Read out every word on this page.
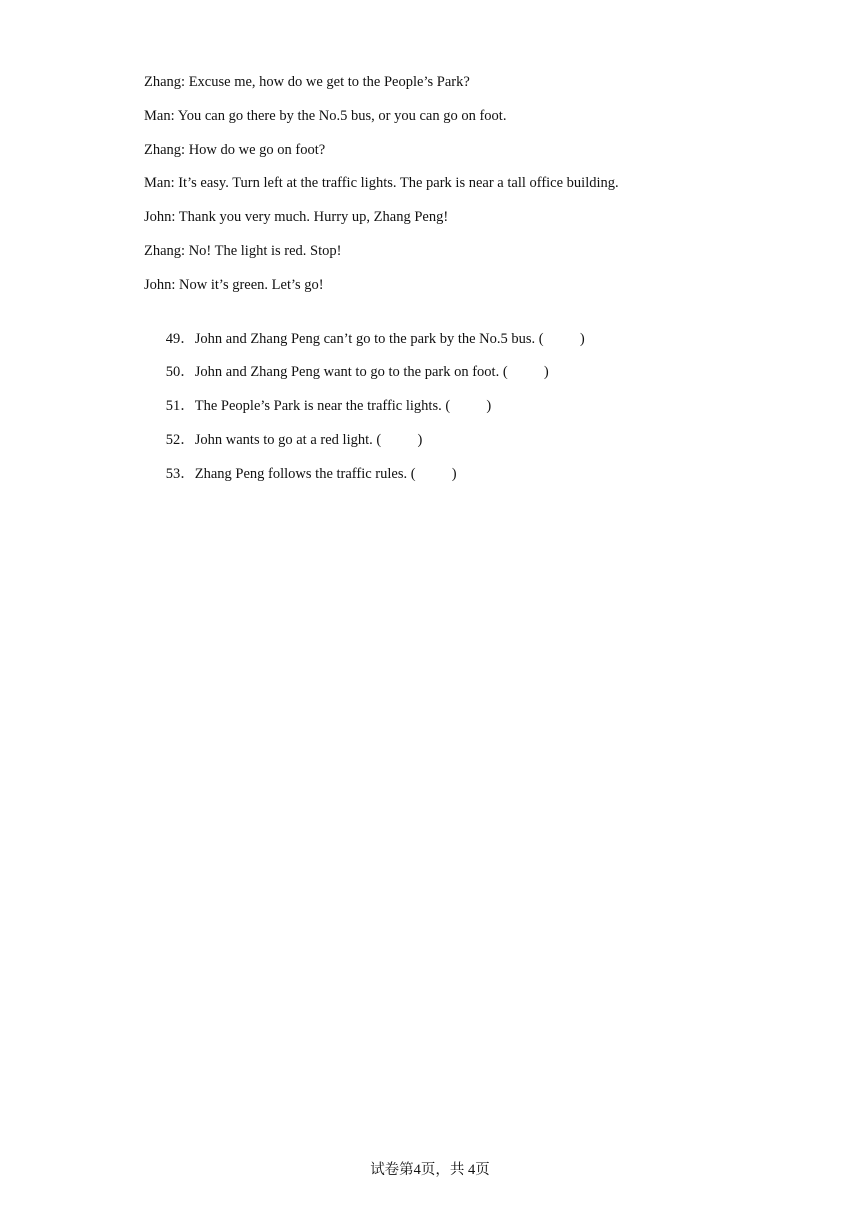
Zhang: Excuse me, how do we get to the People’s Park?
Man: You can go there by the No.5 bus, or you can go on foot.
Zhang: How do we go on foot?
Man: It’s easy. Turn left at the traffic lights. The park is near a tall office building.
John: Thank you very much. Hurry up, Zhang Peng!
Zhang: No! The light is red. Stop!
John: Now it’s green. Let’s go!

49．John and Zhang Peng can’t go to the park by the No.5 bus. (          )

50．John and Zhang Peng want to go to the park on foot. (          )

51．The People’s Park is near the traffic lights. (          )

52．John wants to go at a red light. (          )

53．Zhang Peng follows the traffic rules. (          )

试卷第4页，共 4页
